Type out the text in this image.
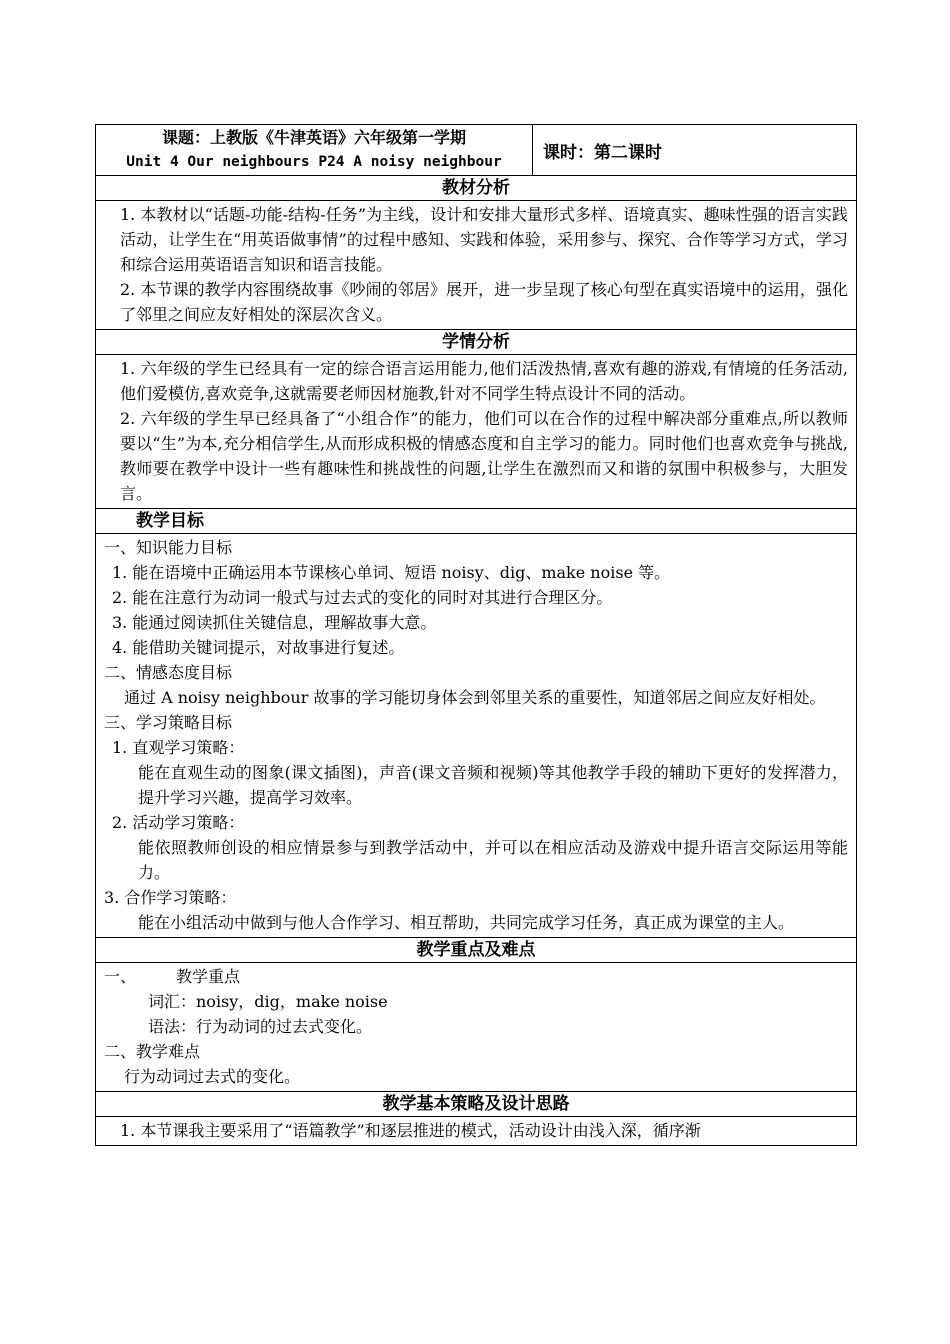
课题：上教版《牛津英语》六年级第一学期
Unit 4 Our neighbours P24 A noisy neighbour	课时：第二课时
教材分析

1. 本教材以“话题-功能-结构-任务”为主线，设计和安排大量形式多样、语境真实、趣味性强的语言实践活动，让学生在“用英语做事情”的过程中感知、实践和体验，采用参与、探究、合作等学习方式，学习和综合运用英语语言知识和语言技能。

2. 本节课的教学内容围绕故事《吵闹的邻居》展开，进一步呈现了核心句型在真实语境中的运用，强化了邻里之间应友好相处的深层次含义。

学情分析

1. 六年级的学生已经具有一定的综合语言运用能力,他们活泼热情,喜欢有趣的游戏,有情境的任务活动,他们爱模仿,喜欢竞争,这就需要老师因材施教,针对不同学生特点设计不同的活动。

2. 六年级的学生早已经具备了“小组合作”的能力，他们可以在合作的过程中解决部分重难点,所以教师要以“生”为本,充分相信学生,从而形成积极的情感态度和自主学习的能力。同时他们也喜欢竞争与挑战,教师要在教学中设计一些有趣味性和挑战性的问题,让学生在激烈而又和谐的氛围中积极参与，大胆发言。

教学目标

一、知识能力目标

1. 能在语境中正确运用本节课核心单词、短语 noisy、dig、make noise 等。

2. 能在注意行为动词一般式与过去式的变化的同时对其进行合理区分。

3. 能通过阅读抓住关键信息，理解故事大意。

4. 能借助关键词提示，对故事进行复述。

二、情感态度目标

通过 A noisy neighbour 故事的学习能切身体会到邻里关系的重要性，知道邻居之间应友好相处。

三、学习策略目标

1. 直观学习策略：

能在直观生动的图象(课文插图)，声音(课文音频和视频)等其他教学手段的辅助下更好的发挥潜力，提升学习兴趣，提高学习效率。

2. 活动学习策略：

能依照教师创设的相应情景参与到教学活动中，并可以在相应活动及游戏中提升语言交际运用等能力。

3. 合作学习策略：

能在小组活动中做到与他人合作学习、相互帮助，共同完成学习任务，真正成为课堂的主人。

教学重点及难点

一、	教学重点

词汇：noisy，dig，make noise

语法：行为动词的过去式变化。

二、教学难点

行为动词过去式的变化。

教学基本策略及设计思路

1. 本节课我主要采用了“语篇教学”和逐层推进的模式，活动设计由浅入深，循序渐
